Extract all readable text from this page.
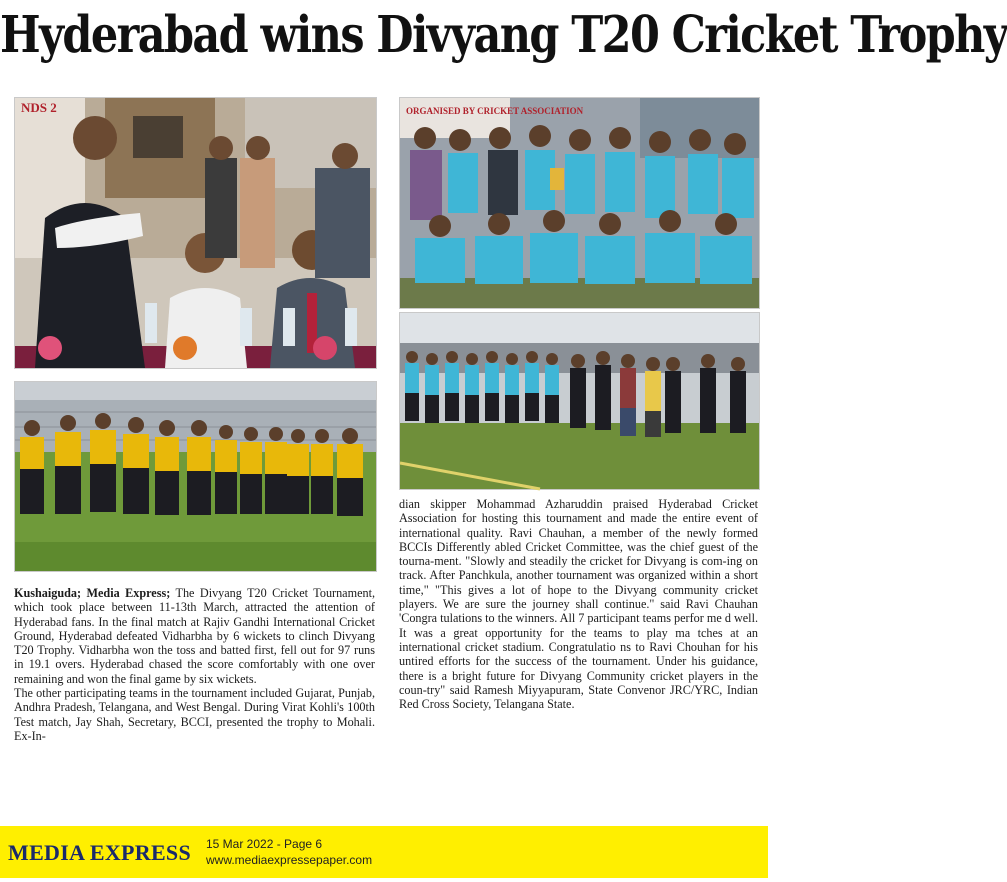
Hyderabad wins Divyang T20 Cricket Trophy
NDS 2	ORGANISED BY CRICKET ASSOCIATION

Kushaiguda; Media Express; The Divyang T20 Cricket Tournament, which took place between 11-13th March, attracted the attention of Hyderabad fans. In the final match at Rajiv Gandhi International Cricket Ground, Hyderabad defeated Vidharbha by 6 wickets to clinch Divyang T20 Trophy. Vidharbha won the toss and batted first, fell out for 97 runs in 19.1 overs. Hyderabad chased the score comfortably with one over remaining and won the final game by six wickets.

The other participating teams in the tournament included Gujarat, Punjab, Andhra Pradesh, Telangana, and West Bengal. During Virat Kohli's 100th Test match, Jay Shah, Secretary, BCCI, presented the trophy to Mohali. Ex-In-

dian skipper Mohammad Azharuddin praised Hyderabad Cricket Association for hosting this tournament and made the entire event of international quality. Ravi Chauhan, a member of the newly formed BCCIs Differently abled Cricket Committee, was the chief guest of the tourna-ment. "Slowly and steadily the cricket for Divyang is com-ing on track. After Panchkula, another tournament was organized within a short time," "This gives a lot of hope to the Divyang community cricket players. We are sure the journey shall continue." said Ravi Chauhan 'Congra tulations to the winners. All 7 participant teams perfor me d well. It was a great opportunity for the teams to play ma tches at an international cricket stadium. Congratulatio ns to Ravi Chouhan for his untired efforts for the success of the tournament. Under his guidance, there is a bright future for Divyang Community cricket players in the coun-try" said Ramesh Miyyapuram, State Convenor JRC/YRC, Indian Red Cross Society, Telangana State.

MEDIA EXPRESS 15 Mar 2022 - Page 6
www.mediaexpressepaper.com
